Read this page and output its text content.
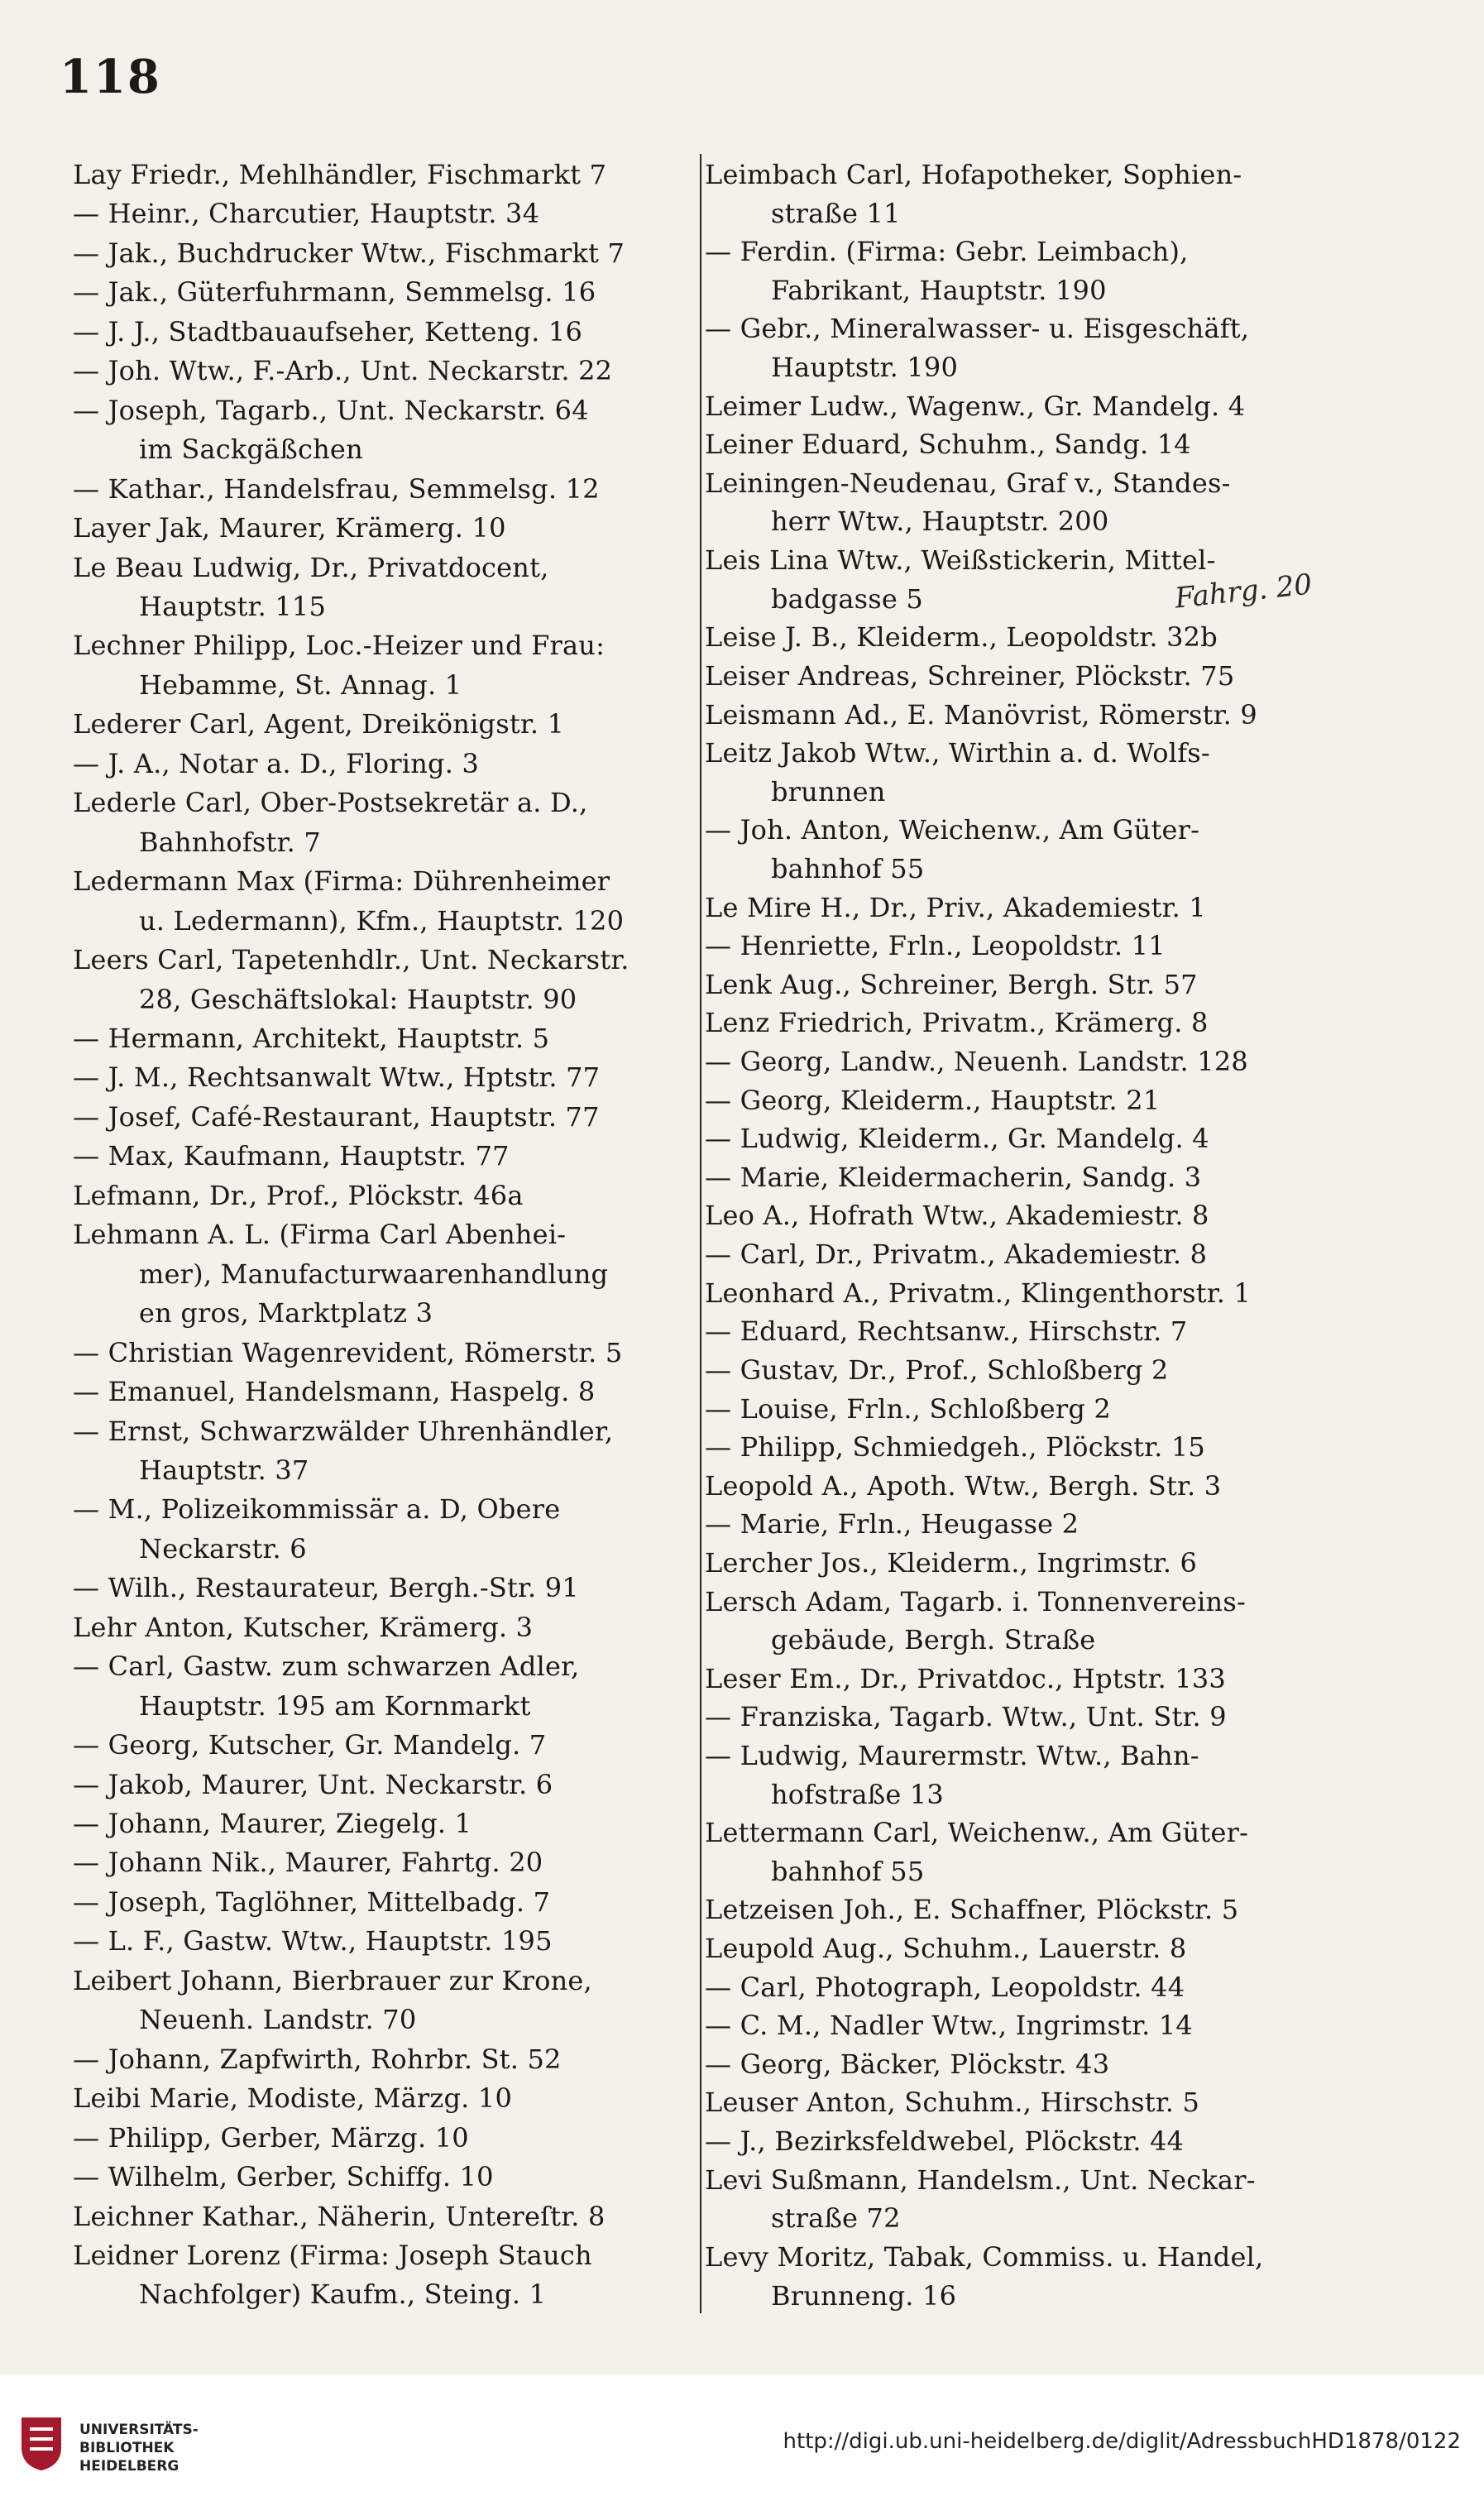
118
Lay Friedr., Mehlhändler, Fischmarkt 7
— Heinr., Charcutier, Hauptstr. 34
— Jak., Buchdrucker Wtw., Fischmarkt 7
— Jak., Güterfuhrmann, Semmelsg. 16
— J. J., Stadtbauaufseher, Ketteng. 16
— Joh. Wtw., F.-Arb., Unt. Neckarstr. 22
— Joseph, Tagarb., Unt. Neckarstr. 64
im Sackgäßchen
— Kathar., Handelsfrau, Semmelsg. 12
Layer Jak, Maurer, Krämerg. 10
Le Beau Ludwig, Dr., Privatdocent,
Hauptstr. 115
Lechner Philipp, Loc.-Heizer und Frau:
Hebamme, St. Annag. 1
Lederer Carl, Agent, Dreikönigstr. 1
— J. A., Notar a. D., Floring. 3
Lederle Carl, Ober-Postsekretär a. D.,
Bahnhofstr. 7
Ledermann Max (Firma: Dührenheimer
u. Ledermann), Kfm., Hauptstr. 120
Leers Carl, Tapetenhdlr., Unt. Neckarstr.
28, Geschäftslokal: Hauptstr. 90
— Hermann, Architekt, Hauptstr. 5
— J. M., Rechtsanwalt Wtw., Hptstr. 77
— Josef, Café-Restaurant, Hauptstr. 77
— Max, Kaufmann, Hauptstr. 77
Lefmann, Dr., Prof., Plöckstr. 46a
Lehmann A. L. (Firma Carl Abenhei-
mer), Manufacturwaarenhandlung
en gros, Marktplatz 3
— Christian Wagenrevident, Römerstr. 5
— Emanuel, Handelsmann, Haspelg. 8
— Ernst, Schwarzwälder Uhrenhändler,
Hauptstr. 37
— M., Polizeikommissär a. D, Obere
Neckarstr. 6
— Wilh., Restaurateur, Bergh.-Str. 91
Lehr Anton, Kutscher, Krämerg. 3
— Carl, Gastw. zum schwarzen Adler,
Hauptstr. 195 am Kornmarkt
— Georg, Kutscher, Gr. Mandelg. 7
— Jakob, Maurer, Unt. Neckarstr. 6
— Johann, Maurer, Ziegelg. 1
— Johann Nik., Maurer, Fahrtg. 20
— Joseph, Taglöhner, Mittelbadg. 7
— L. F., Gastw. Wtw., Hauptstr. 195
Leibert Johann, Bierbrauer zur Krone,
Neuenh. Landstr. 70
— Johann, Zapfwirth, Rohrbr. St. 52
Leibi Marie, Modiste, Märzg. 10
— Philipp, Gerber, Märzg. 10
— Wilhelm, Gerber, Schiffg. 10
Leichner Kathar., Näherin, Untereſtr. 8
Leidner Lorenz (Firma: Joseph Stauch
Nachfolger) Kaufm., Steing. 1
Leimbach Carl, Hofapotheker, Sophien-
straße 11
— Ferdin. (Firma: Gebr. Leimbach),
Fabrikant, Hauptstr. 190
— Gebr., Mineralwasser- u. Eisgeschäft,
Hauptstr. 190
Leimer Ludw., Wagenw., Gr. Mandelg. 4
Leiner Eduard, Schuhm., Sandg. 14
Leiningen-Neudenau, Graf v., Standes-
herr Wtw., Hauptstr. 200
Leis Lina Wtw., Weißstickerin, Mittel-
badgasse 5
Leise J. B., Kleiderm., Leopoldstr. 32b
Leiser Andreas, Schreiner, Plöckstr. 75
Leismann Ad., E. Manövrist, Römerstr. 9
Leitz Jakob Wtw., Wirthin a. d. Wolfs-
brunnen
— Joh. Anton, Weichenw., Am Güter-
bahnhof 55
Le Mire H., Dr., Priv., Akademiestr. 1
— Henriette, Frln., Leopoldstr. 11
Lenk Aug., Schreiner, Bergh. Str. 57
Lenz Friedrich, Privatm., Krämerg. 8
— Georg, Landw., Neuenh. Landstr. 128
— Georg, Kleiderm., Hauptstr. 21
— Ludwig, Kleiderm., Gr. Mandelg. 4
— Marie, Kleidermacherin, Sandg. 3
Leo A., Hofrath Wtw., Akademiestr. 8
— Carl, Dr., Privatm., Akademiestr. 8
Leonhard A., Privatm., Klingenthorstr. 1
— Eduard, Rechtsanw., Hirschstr. 7
— Gustav, Dr., Prof., Schloßberg 2
— Louise, Frln., Schloßberg 2
— Philipp, Schmiedgeh., Plöckstr. 15
Leopold A., Apoth. Wtw., Bergh. Str. 3
— Marie, Frln., Heugasse 2
Lercher Jos., Kleiderm., Ingrimstr. 6
Lersch Adam, Tagarb. i. Tonnenvereins-
gebäude, Bergh. Straße
Leser Em., Dr., Privatdoc., Hptstr. 133
— Franziska, Tagarb. Wtw., Unt. Str. 9
— Ludwig, Maurermstr. Wtw., Bahn-
hofstraße 13
Lettermann Carl, Weichenw., Am Güter-
bahnhof 55
Letzeisen Joh., E. Schaffner, Plöckstr. 5
Leupold Aug., Schuhm., Lauerstr. 8
— Carl, Photograph, Leopoldstr. 44
— C. M., Nadler Wtw., Ingrimstr. 14
— Georg, Bäcker, Plöckstr. 43
Leuser Anton, Schuhm., Hirschstr. 5
— J., Bezirksfeldwebel, Plöckstr. 44
Levi Sußmann, Handelsm., Unt. Neckar-
straße 72
Levy Moritz, Tabak, Commiss. u. Handel,
Brunneng. 16
Fahrg. 20
UNIVERSITÄTS-
BIBLIOTHEK
HEIDELBERG
http://digi.ub.uni-heidelberg.de/diglit/AdressbuchHD1878/0122
